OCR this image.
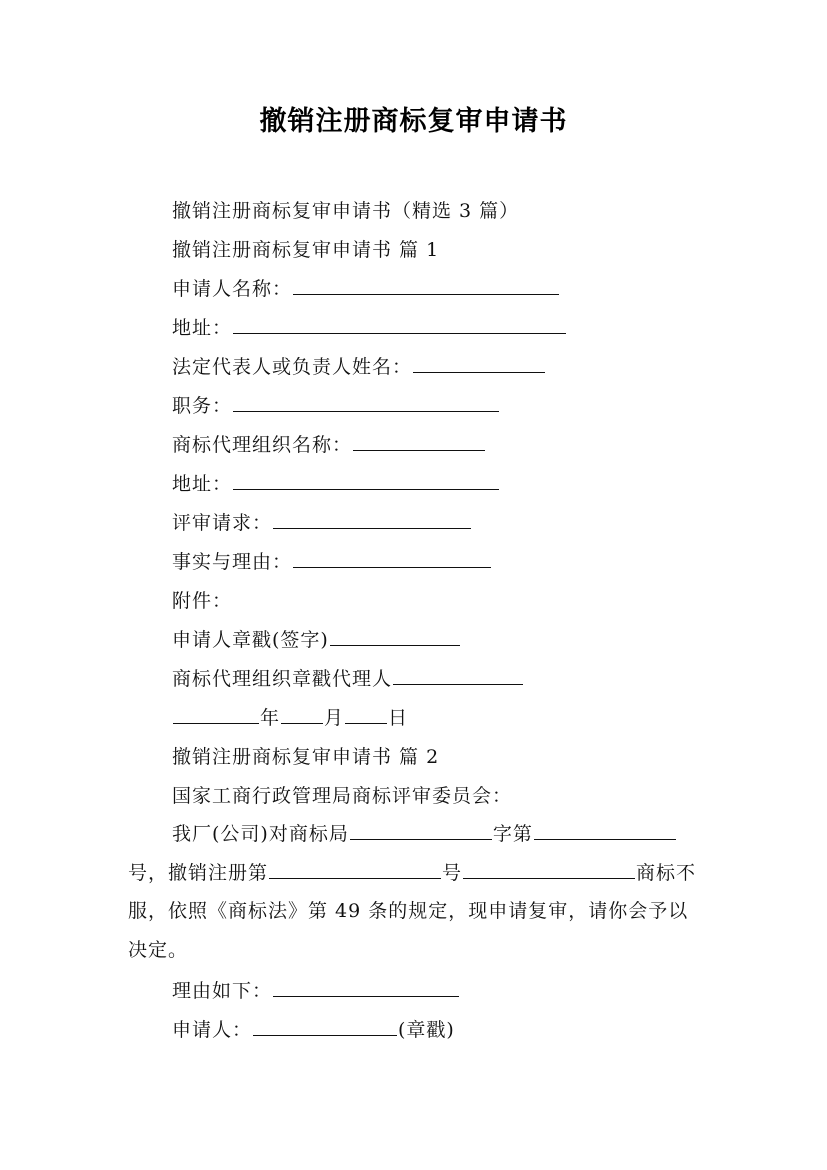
撤销注册商标复审申请书
撤销注册商标复审申请书（精选 3 篇）
撤销注册商标复审申请书 篇 1
申请人名称：
地址：
法定代表人或负责人姓名：
职务：
商标代理组织名称：
地址：
评审请求：
事实与理由：
附件：
申请人章戳(签字)
商标代理组织章戳代理人
年 月 日
撤销注册商标复审申请书 篇 2
国家工商行政管理局商标评审委员会：
我厂(公司)对商标局	字第号，撤销注册第	号	商标不服，依照《商标法》第 49 条的规定，现申请复审，请你会予以决定。
理由如下：
申请人：	(章戳)
